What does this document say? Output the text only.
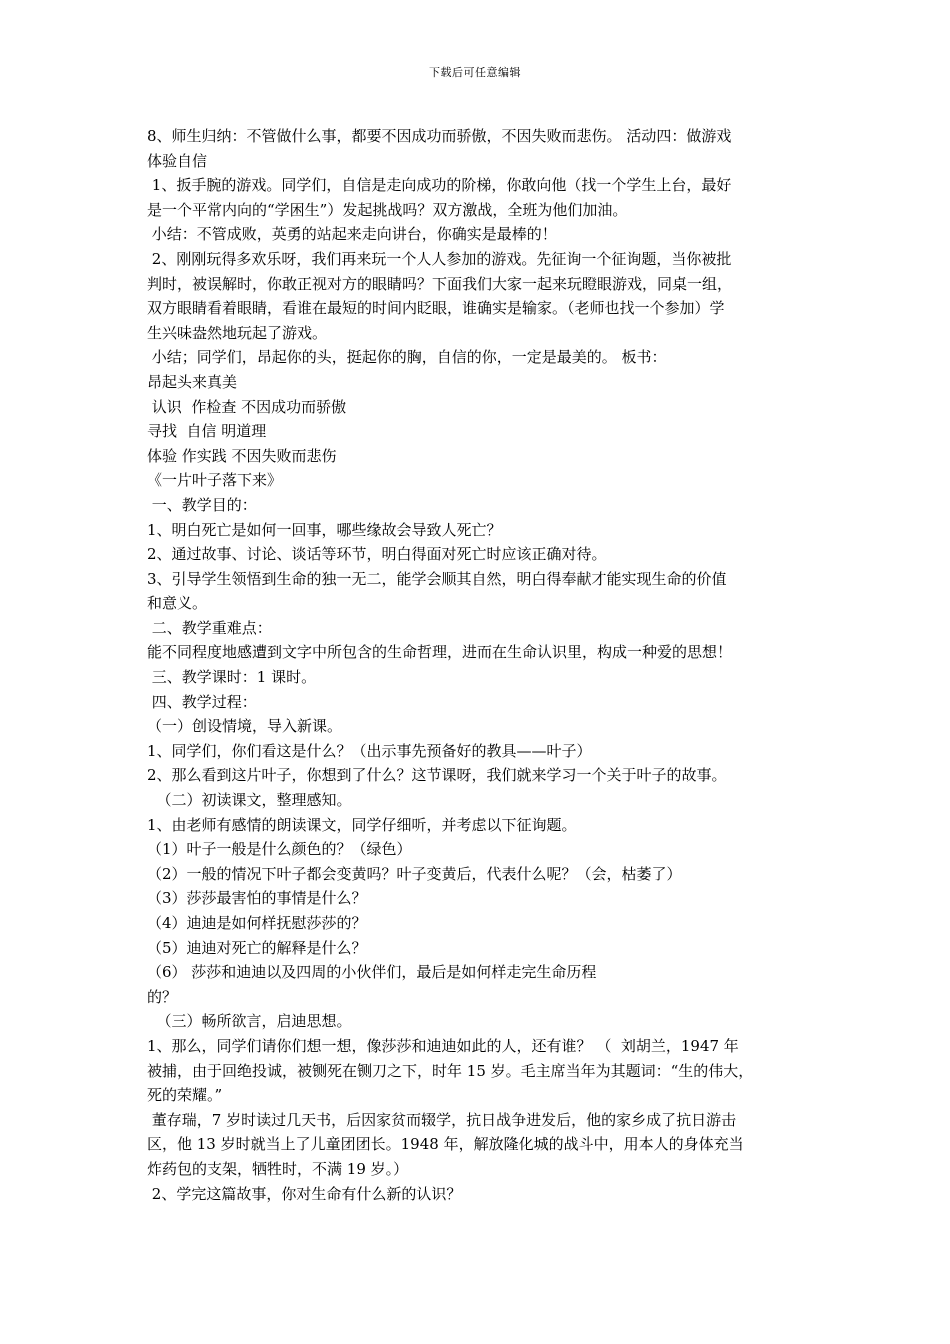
下载后可任意编辑

8、师生归纳：不管做什么事，都要不因成功而骄傲，不因失败而悲伤。 活动四：做游戏

体验自信

1、扳手腕的游戏。同学们，自信是走向成功的阶梯，你敢向他（找一个学生上台，最好

是一个平常内向的“学困生”）发起挑战吗？双方激战，全班为他们加油。

小结：不管成败，英勇的站起来走向讲台，你确实是最棒的！

2、刚刚玩得多欢乐呀，我们再来玩一个人人参加的游戏。先征询一个征询题，当你被批

判时，被误解时，你敢正视对方的眼睛吗？下面我们大家一起来玩瞪眼游戏，同桌一组，

双方眼睛看着眼睛，看谁在最短的时间内眨眼，谁确实是输家。（老师也找一个参加）学

生兴味盎然地玩起了游戏。

小结；同学们，昂起你的头，挺起你的胸，自信的你，一定是最美的。 板书：

昂起头来真美

认识  作检查 不因成功而骄傲

寻找  自信 明道理

体验 作实践 不因失败而悲伤

《一片叶子落下来》

一、教学目的：

1、明白死亡是如何一回事，哪些缘故会导致人死亡？

2、通过故事、讨论、谈话等环节，明白得面对死亡时应该正确对待。

3、引导学生领悟到生命的独一无二，能学会顺其自然，明白得奉献才能实现生命的价值

和意义。

二、教学重难点：

能不同程度地感遭到文字中所包含的生命哲理，进而在生命认识里，构成一种爱的思想！

三、教学课时：1 课时。

四、教学过程：

（一）创设情境，导入新课。

1、同学们，你们看这是什么？（出示事先预备好的教具——叶子）

2、那么看到这片叶子，你想到了什么？这节课呀，我们就来学习一个关于叶子的故事。

（二）初读课文，整理感知。

1、由老师有感情的朗读课文，同学仔细听，并考虑以下征询题。

（1）叶子一般是什么颜色的？（绿色）

（2）一般的情况下叶子都会变黄吗？叶子变黄后，代表什么呢？（会，枯萎了）

（3）莎莎最害怕的事情是什么？

（4）迪迪是如何样抚慰莎莎的？

（5）迪迪对死亡的解释是什么？

（6） 莎莎和迪迪以及四周的小伙伴们，最后是如何样走完生命历程

的？

（三）畅所欲言，启迪思想。

1、那么，同学们请你们想一想，像莎莎和迪迪如此的人，还有谁？ （  刘胡兰，1947 年

被捕，由于回绝投诚，被铡死在铡刀之下，时年 15 岁。毛主席当年为其题词：“生的伟大，

死的荣耀。”

董存瑞，7 岁时读过几天书，后因家贫而辍学，抗日战争进发后，他的家乡成了抗日游击

区，他 13 岁时就当上了儿童团团长。1948 年，解放隆化城的战斗中，用本人的身体充当

炸药包的支架，牺牲时，不满 19 岁。）

2、学完这篇故事，你对生命有什么新的认识？
